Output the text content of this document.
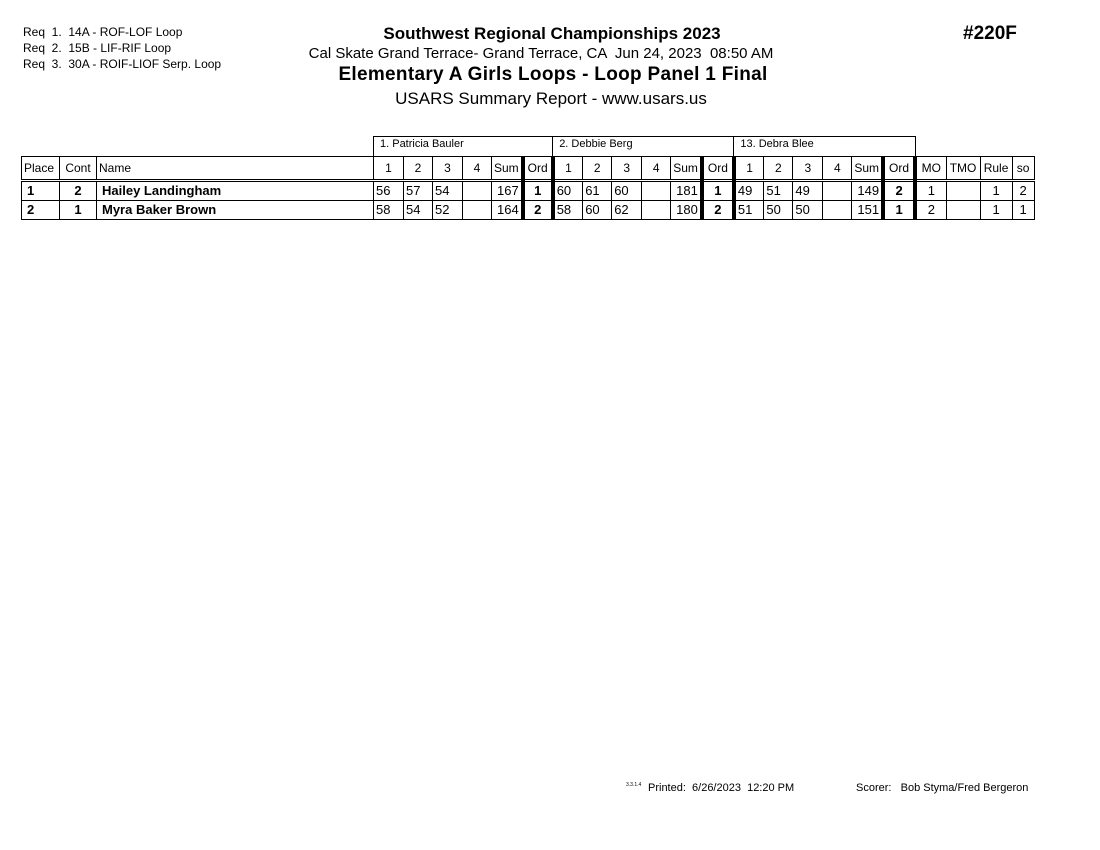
Req  1.  14A - ROF-LOF Loop
Req  2.  15B - LIF-RIF Loop
Req  3.  30A - ROIF-LIOF Serp. Loop
Southwest Regional Championships 2023
Cal Skate Grand Terrace- Grand Terrace, CA  Jun 24, 2023  08:50 AM
Elementary A Girls Loops - Loop Panel 1 Final
USARS Summary Report - www.usars.us
#220F
			1. Patricia Bauler						2. Debbie Berg						13. Debra Blee									
Place	Cont	Name	1	2	3	4	Sum	Ord	1	2	3	4	Sum	Ord	1	2	3	4	Sum	Ord	MO	TMO	Rule	so
1	2	Hailey Landingham	56	57	54		167	1	60	61	60		181	1	49	51	49		149	2	1		1	2
2	1	Myra Baker Brown	58	54	52		164	2	58	60	62		180	2	51	50	50		151	1	2		1	1
3.3.1.4 Printed:  6/26/2023  12:20 PM	Scorer:   Bob Styma/Fred Bergeron
